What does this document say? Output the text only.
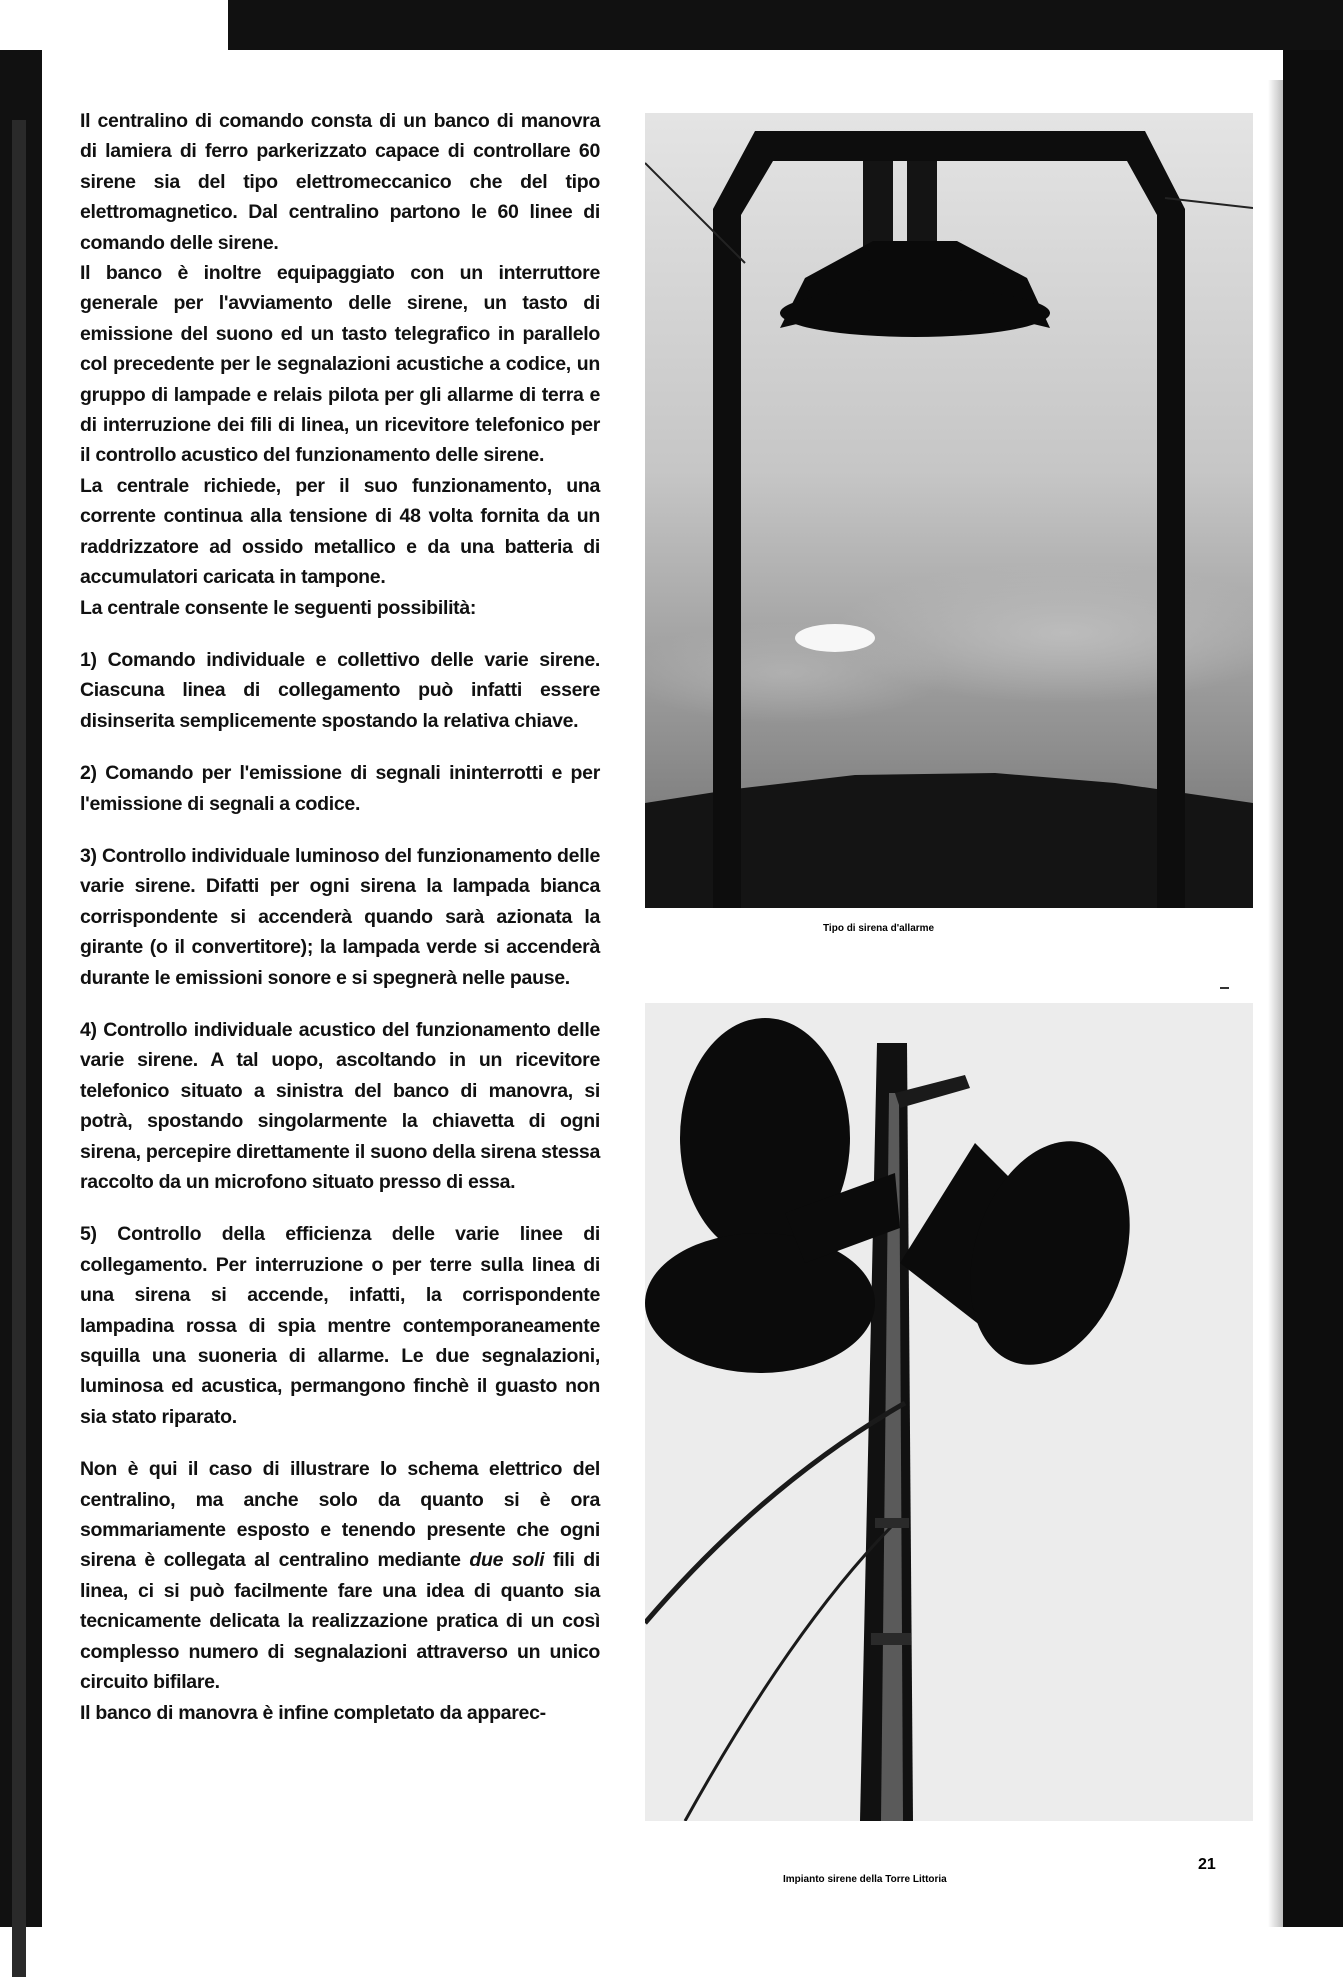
Il centralino di comando consta di un banco di manovra di lamiera di ferro parkerizzato capace di controllare 60 sirene sia del tipo elettromeccanico che del tipo elettromagnetico. Dal centralino partono le 60 linee di comando delle sirene.

Il banco è inoltre equipaggiato con un interruttore generale per l'avviamento delle sirene, un tasto di emissione del suono ed un tasto telegrafico in parallelo col precedente per le segnalazioni acustiche a codice, un gruppo di lampade e relais pilota per gli allarme di terra e di interruzione dei fili di linea, un ricevitore telefonico per il controllo acustico del funzionamento delle sirene.

La centrale richiede, per il suo funzionamento, una corrente continua alla tensione di 48 volta fornita da un raddrizzatore ad ossido metallico e da una batteria di accumulatori caricata in tampone.

La centrale consente le seguenti possibilità:

1) Comando individuale e collettivo delle varie sirene. Ciascuna linea di collegamento può infatti essere disinserita semplicemente spostando la relativa chiave.

2) Comando per l'emissione di segnali ininterrotti e per l'emissione di segnali a codice.

3) Controllo individuale luminoso del funzionamento delle varie sirene. Difatti per ogni sirena la lampada bianca corrispondente si accenderà quando sarà azionata la girante (o il convertitore); la lampada verde si accenderà durante le emissioni sonore e si spegnerà nelle pause.

4) Controllo individuale acustico del funzionamento delle varie sirene. A tal uopo, ascoltando in un ricevitore telefonico situato a sinistra del banco di manovra, si potrà, spostando singolarmente la chiavetta di ogni sirena, percepire direttamente il suono della sirena stessa raccolto da un microfono situato presso di essa.

5) Controllo della efficienza delle varie linee di collegamento. Per interruzione o per terre sulla linea di una sirena si accende, infatti, la corrispondente lampadina rossa di spia mentre contemporaneamente squilla una suoneria di allarme. Le due segnalazioni, luminosa ed acustica, permangono finchè il guasto non sia stato riparato.

Non è qui il caso di illustrare lo schema elettrico del centralino, ma anche solo da quanto si è ora sommariamente esposto e tenendo presente che ogni sirena è collegata al centralino mediante due soli fili di linea, ci si può facilmente fare una idea di quanto sia tecnicamente delicata la realizzazione pratica di un così complesso numero di segnalazioni attraverso un unico circuito bifilare.

Il banco di manovra è infine completato da apparec-

Tipo di sirena d'allarme
Impianto sirene della Torre Littoria
21
